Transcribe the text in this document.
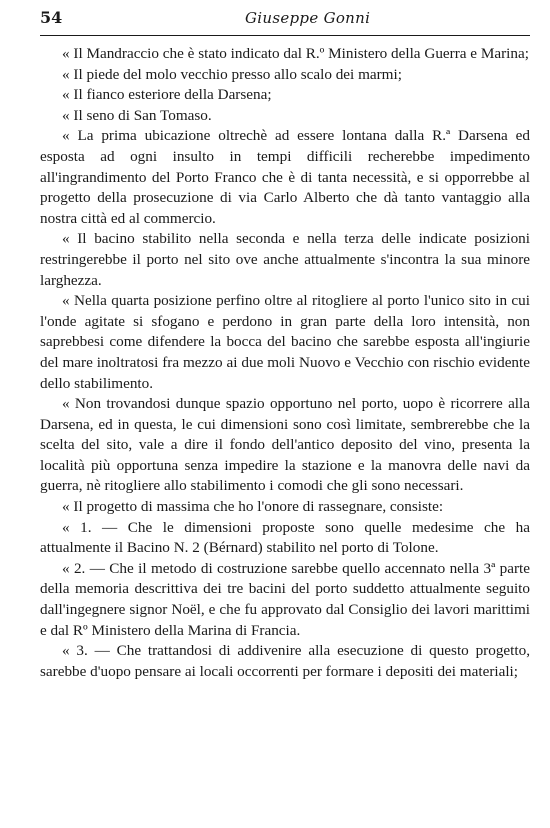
54	Giuseppe Gonni

« Il Mandraccio che è stato indicato dal R.º Ministero della Guerra e Marina;

« Il piede del molo vecchio presso allo scalo dei marmi;

« Il fianco esteriore della Darsena;

« Il seno di San Tomaso.

« La prima ubicazione oltrechè ad essere lontana dalla R.ª Darsena ed esposta ad ogni insulto in tempi difficili recherebbe impedimento all'ingrandimento del Porto Franco che è di tanta necessità, e si opporrebbe al progetto della prosecuzione di via Carlo Alberto che dà tanto vantaggio alla nostra città ed al commercio.

« Il bacino stabilito nella seconda e nella terza delle indicate posizioni restringerebbe il porto nel sito ove anche attualmente s'incontra la sua minore larghezza.

« Nella quarta posizione perfino oltre al ritogliere al porto l'unico sito in cui l'onde agitate si sfogano e perdono in gran parte della loro intensità, non saprebbesi come difendere la bocca del bacino che sarebbe esposta all'ingiurie del mare inoltratosi fra mezzo ai due moli Nuovo e Vecchio con rischio evidente dello stabilimento.

« Non trovandosi dunque spazio opportuno nel porto, uopo è ricorrere alla Darsena, ed in questa, le cui dimensioni sono così limitate, sembrerebbe che la scelta del sito, vale a dire il fondo dell'antico deposito del vino, presenta la località più opportuna senza impedire la stazione e la manovra delle navi da guerra, nè ritogliere allo stabilimento i comodi che gli sono necessari.

« Il progetto di massima che ho l'onore di rassegnare, consiste:

« 1. — Che le dimensioni proposte sono quelle medesime che ha attualmente il Bacino N. 2 (Bérnard) stabilito nel porto di Tolone.

« 2. — Che il metodo di costruzione sarebbe quello accennato nella 3ª parte della memoria descrittiva dei tre bacini del porto suddetto attualmente seguito dall'ingegnere signor Noël, e che fu approvato dal Consiglio dei lavori marittimi e dal Rº Ministero della Marina di Francia.

« 3. — Che trattandosi di addivenire alla esecuzione di questo progetto, sarebbe d'uopo pensare ai locali occorrenti per formare i depositi dei materiali;
